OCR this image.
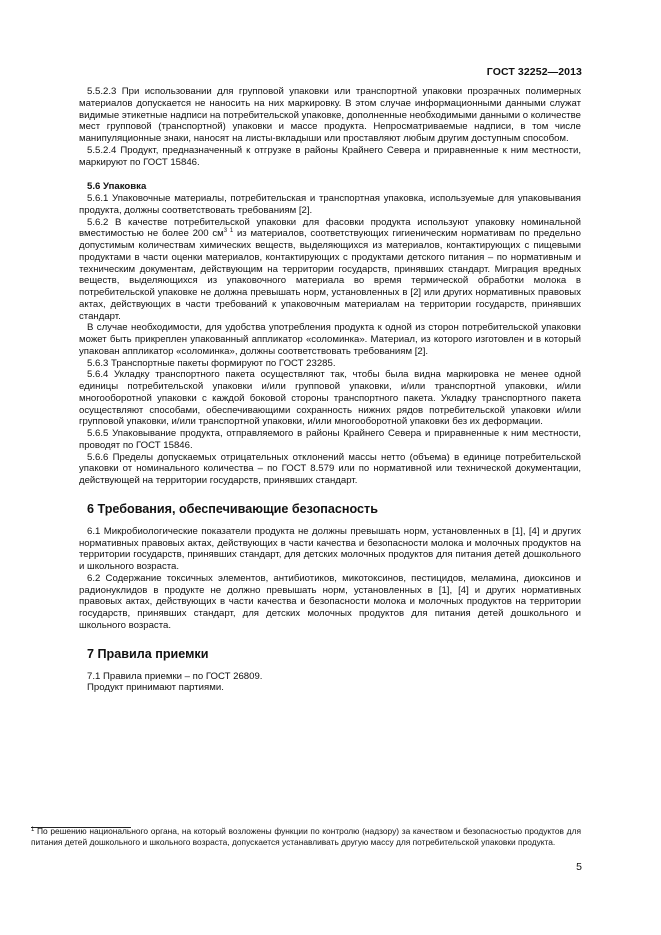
ГОСТ 32252—2013

5.5.2.3 При использовании для групповой упаковки или транспортной упаковки прозрачных полимерных материалов допускается не наносить на них маркировку. В этом случае информационными данными служат видимые этикетные надписи на потребительской упаковке, дополненные необходимыми данными о количестве мест групповой (транспортной) упаковки и массе продукта. Непросматриваемые надписи, в том числе манипуляционные знаки, наносят на листы-вкладыши или проставляют любым другим доступным способом.

5.5.2.4 Продукт, предназначенный к отгрузке в районы Крайнего Севера и приравненные к ним местности, маркируют по ГОСТ 15846.

5.6 Упаковка

5.6.1 Упаковочные материалы, потребительская и транспортная упаковка, используемые для упаковывания продукта, должны соответствовать требованиям [2].

5.6.2 В качестве потребительской упаковки для фасовки продукта используют упаковку номинальной вместимостью не более 200 $см^{3 1}$ из материалов, соответствующих гигиеническим нормативам по предельно допустимым количествам химических веществ, выделяющихся из материалов, контактирующих с пищевыми продуктами в части оценки материалов, контактирующих с продуктами детского питания – по нормативным и техническим документам, действующим на территории государств, принявших стандарт. Миграция вредных веществ, выделяющихся из упаковочного материала во время термической обработки молока в потребительской упаковке не должна превышать норм, установленных в [2] или других нормативных правовых актах, действующих в части требований к упаковочным материалам на территории государств, принявших стандарт.

В случае необходимости, для удобства употребления продукта к одной из сторон потребительской упаковки может быть прикреплен упакованный аппликатор «соломинка». Материал, из которого изготовлен и в который упакован аппликатор «соломинка», должны соответствовать требованиям [2].

5.6.3 Транспортные пакеты формируют по ГОСТ 23285.

5.6.4 Укладку транспортного пакета осуществляют так, чтобы была видна маркировка не менее одной единицы потребительской упаковки и/или групповой упаковки, и/или транспортной упаковки, и/или многооборотной упаковки с каждой боковой стороны транспортного пакета. Укладку транспортного пакета осуществляют способами, обеспечивающими сохранность нижних рядов потребительской упаковки и/или групповой упаковки, и/или транспортной упаковки, и/или многооборотной упаковки без их деформации.

5.6.5 Упаковывание продукта, отправляемого в районы Крайнего Севера и приравненные к ним местности, проводят по ГОСТ 15846.

5.6.6 Пределы допускаемых отрицательных отклонений массы нетто (объема) в единице потребительской упаковки от номинального количества – по ГОСТ 8.579 или по нормативной или технической документации, действующей на территории государств, принявших стандарт.

6 Требования, обеспечивающие безопасность

6.1 Микробиологические показатели продукта не должны превышать норм, установленных в [1], [4] и других нормативных правовых актах, действующих в части качества и безопасности молока и молочных продуктов на территории государств, принявших стандарт, для детских молочных продуктов для питания детей дошкольного и школьного возраста.

6.2 Содержание токсичных элементов, антибиотиков, микотоксинов, пестицидов, меламина, диоксинов и радионуклидов в продукте не должно превышать норм, установленных в [1], [4] и других нормативных правовых актах, действующих в части качества и безопасности молока и молочных продуктов на территории государств, принявших стандарт, для детских молочных продуктов для питания детей дошкольного и школьного возраста.

7 Правила приемки

7.1 Правила приемки – по ГОСТ 26809.

Продукт принимают партиями.

$^1$ По решению национального органа, на который возложены функции по контролю (надзору) за качеством и безопасностью продуктов для питания детей дошкольного и школьного возраста, допускается устанавливать другую массу для потребительской упаковки продукта.

5
